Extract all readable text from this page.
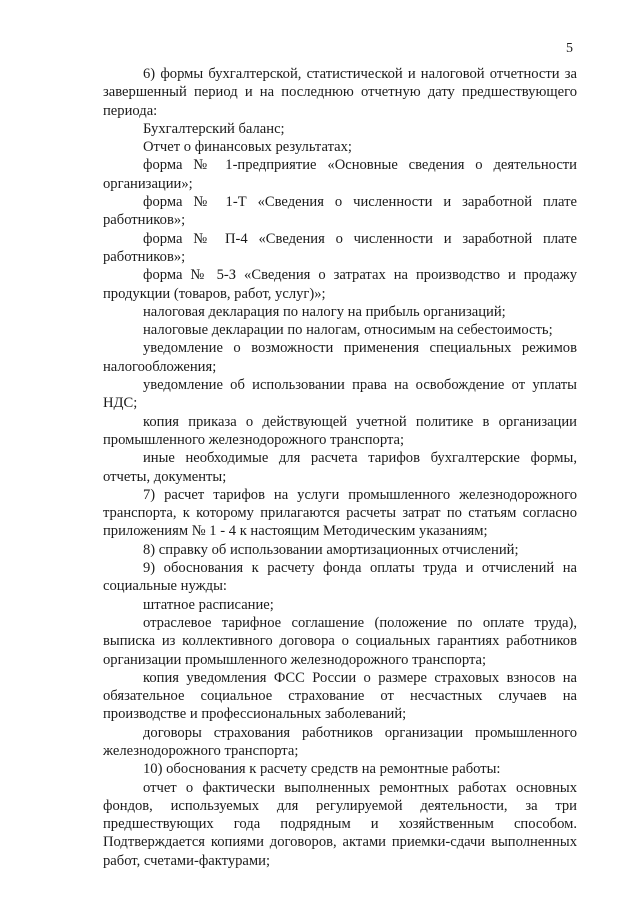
5

6) формы бухгалтерской, статистической и налоговой отчетности за завершенный период и на последнюю отчетную дату предшествующего периода:

Бухгалтерский баланс;

Отчет о финансовых результатах;

форма № 1-предприятие «Основные сведения о деятельности организации»;

форма № 1-Т «Сведения о численности и заработной плате работников»;

форма № П-4 «Сведения о численности и заработной плате работников»;

форма № 5-З «Сведения о затратах на производство и продажу продукции (товаров, работ, услуг)»;

налоговая декларация по налогу на прибыль организаций;

налоговые декларации по налогам, относимым на себестоимость;

уведомление о возможности применения специальных режимов налогообложения;

уведомление об использовании права на освобождение от уплаты НДС;

копия приказа о действующей учетной политике в организации промышленного железнодорожного транспорта;

иные необходимые для расчета тарифов бухгалтерские формы, отчеты, документы;

7) расчет тарифов на услуги промышленного железнодорожного транспорта, к которому прилагаются расчеты затрат по статьям согласно приложениям № 1 - 4 к настоящим Методическим указаниям;

8) справку об использовании амортизационных отчислений;

9) обоснования к расчету фонда оплаты труда и отчислений на социальные нужды:

штатное расписание;

отраслевое тарифное соглашение (положение по оплате труда), выписка из коллективного договора о социальных гарантиях работников организации промышленного железнодорожного транспорта;

копия уведомления ФСС России о размере страховых взносов на обязательное социальное страхование от несчастных случаев на производстве и профессиональных заболеваний;

договоры страхования работников организации промышленного железнодорожного транспорта;

10) обоснования к расчету средств на ремонтные работы:

отчет о фактически выполненных ремонтных работах основных фондов, используемых для регулируемой деятельности, за три предшествующих года подрядным и хозяйственным способом. Подтверждается копиями договоров, актами приемки-сдачи выполненных работ, счетами-фактурами;
